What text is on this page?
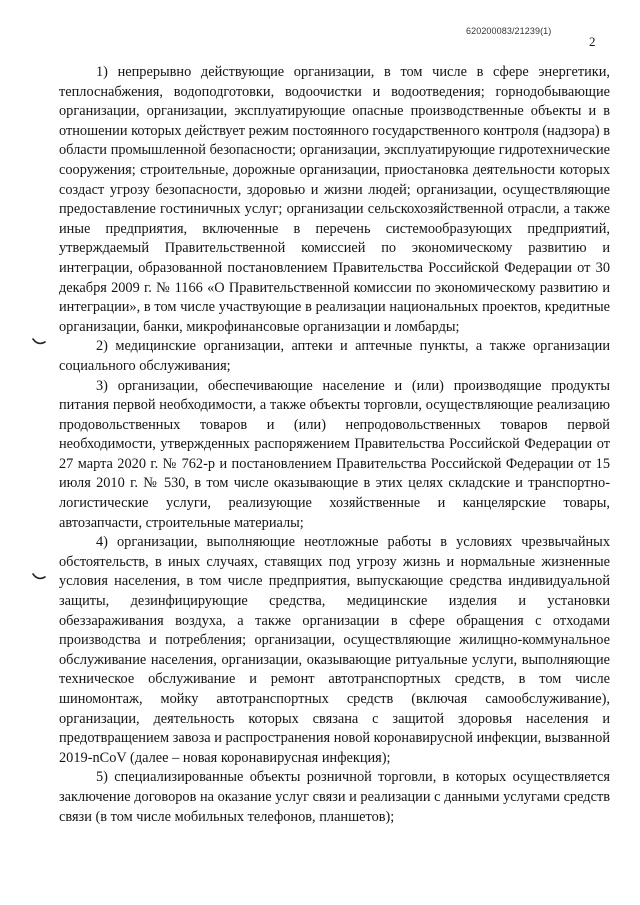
620200083/21239(1)
2

1) непрерывно действующие организации, в том числе в сфере энергетики, теплоснабжения, водоподготовки, водоочистки и водоотведения; горнодобывающие организации, организации, эксплуатирующие опасные производственные объекты и в отношении которых действует режим постоянного государственного контроля (надзора) в области промышленной безопасности; организации, эксплуатирующие гидротехнические сооружения; строительные, дорожные организации, приостановка деятельности которых создаст угрозу безопасности, здоровью и жизни людей; организации, осуществляющие предоставление гостиничных услуг; организации сельскохозяйственной отрасли, а также иные предприятия, включенные в перечень системообразующих предприятий, утверждаемый Правительственной комиссией по экономическому развитию и интеграции, образованной постановлением Правительства Российской Федерации от 30 декабря 2009 г. № 1166 «О Правительственной комиссии по экономическому развитию и интеграции», в том числе участвующие в реализации национальных проектов, кредитные организации, банки, микрофинансовые организации и ломбарды;

2) медицинские организации, аптеки и аптечные пункты, а также организации социального обслуживания;

3) организации, обеспечивающие население и (или) производящие продукты питания первой необходимости, а также объекты торговли, осуществляющие реализацию продовольственных товаров и (или) непродовольственных товаров первой необходимости, утвержденных распоряжением Правительства Российской Федерации от 27 марта 2020 г. № 762-р и постановлением Правительства Российской Федерации от 15 июля 2010 г. № 530, в том числе оказывающие в этих целях складские и транспортно-логистические услуги, реализующие хозяйственные и канцелярские товары, автозапчасти, строительные материалы;

4) организации, выполняющие неотложные работы в условиях чрезвычайных обстоятельств, в иных случаях, ставящих под угрозу жизнь и нормальные жизненные условия населения, в том числе предприятия, выпускающие средства индивидуальной защиты, дезинфицирующие средства, медицинские изделия и установки обеззараживания воздуха, а также организации в сфере обращения с отходами производства и потребления; организации, осуществляющие жилищно-коммунальное обслуживание населения, организации, оказывающие ритуальные услуги, выполняющие техническое обслуживание и ремонт автотранспортных средств, в том числе шиномонтаж, мойку автотранспортных средств (включая самообслуживание), организации, деятельность которых связана с защитой здоровья населения и предотвращением завоза и распространения новой коронавирусной инфекции, вызванной 2019-nCoV (далее – новая коронавирусная инфекция);

5) специализированные объекты розничной торговли, в которых осуществляется заключение договоров на оказание услуг связи и реализации с данными услугами средств связи (в том числе мобильных телефонов, планшетов);
